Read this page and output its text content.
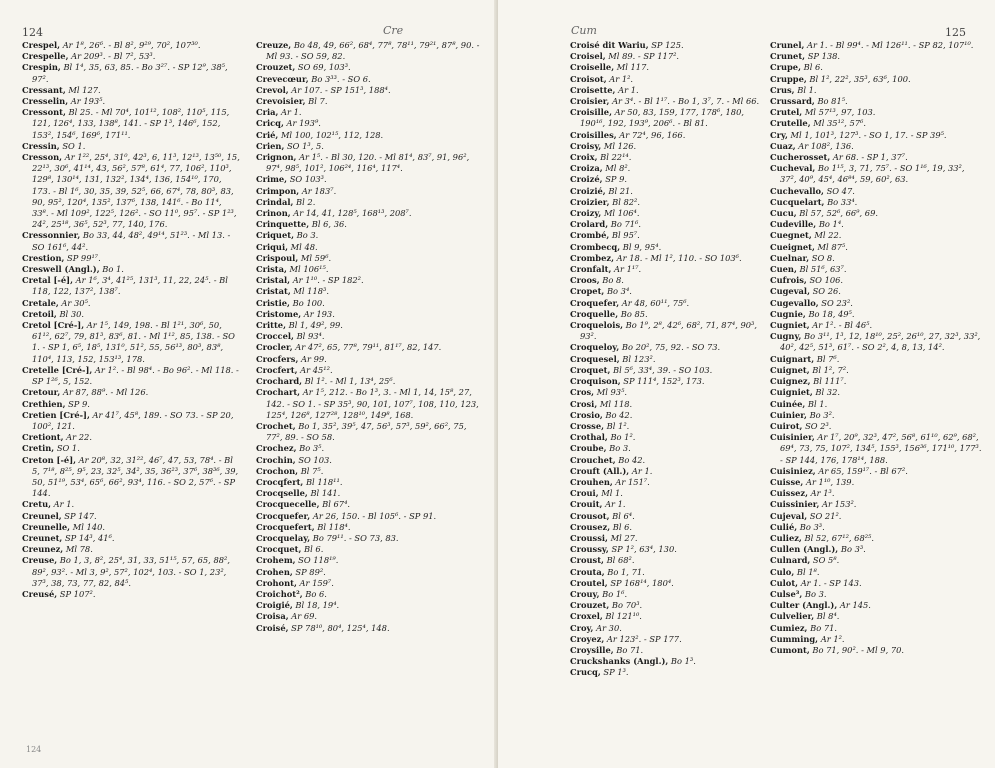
124	Cre

Crespel, Ar 1⁸, 26⁶. - Bl 8², 9²⁹, 70², 107³⁰.

Crespelle, Ar 209³. - Bl 7², 53³.

Crespin, Bl 1⁴, 35, 63, 85. - Bo 3²⁷. - SP 12⁹, 38⁵, 97².

Cressant, Ml 127.

Cresselin, Ar 193⁵.

Cressont, Bl 25. - Ml 70⁴, 101¹², 108², 110⁵, 115, 121, 126⁴, 133, 138⁸, 141. - SP 1³, 146⁶, 152, 153², 154⁶, 169⁶, 171¹¹.

Cressin, SO 1.

Cresson, Ar 1²², 25⁴, 31⁰, 42³, 6, 11³, 12¹³, 13⁵⁰, 15, 22¹³, 30⁶, 41¹⁴, 43, 56², 57⁸, 61⁴, 77, 106², 110³, 129⁸, 130¹⁴, 131, 132², 134⁴, 136, 154¹⁰, 170, 173. - Bl 1⁶, 30, 35, 39, 52⁵, 66, 67⁴, 78, 80³, 83, 90, 95², 120⁴, 135², 137⁶, 138, 141⁶. - Bo 11⁴, 33⁸. - Ml 109², 122⁵, 126². - SO 11⁰, 95⁷. - SP 1²³, 24², 25¹⁸, 36⁵, 52³, 77, 140, 176.

Cressonnier, Bo 33, 44, 48², 49¹⁴, 51²³. - Ml 13. - SO 161⁶, 44².

Crestion, SP 99¹⁷.

Creswell (Angl.), Bo 1.

Cretal [-é], Ar 1⁶, 3⁴, 41²⁵, 131³, 11, 22, 24⁵. - Bl 118, 122, 137², 138⁷.

Cretale, Ar 30⁵.

Cretoil, Bl 30.

Cretol [Cré-], Ar 1⁵, 149, 198. - Bl 1²¹, 30⁶, 50, 61¹², 62⁷, 79, 81³, 83⁶, 81. - Ml 1¹², 85, 138. - SO 1. - SP 1, 6⁵, 18⁵, 131⁰, 51², 55, 56¹³, 80³, 83⁸, 110⁴, 113, 152, 153¹³, 178.

Cretelle [Cré-], Ar 1². - Bl 98⁴. - Bo 96². - Ml 118. - SP 1²⁶, 5, 152.

Cretour, Ar 87, 88⁹. - Ml 126.

Crethien, SP 9.

Cretien [Cré-], Ar 41⁷, 45⁸, 189. - SO 73. - SP 20, 100², 121.

Cretiont, Ar 22.

Cretin, SO 1.

Creton [-é], Ar 20⁸, 32, 31²², 46⁷, 47, 53, 78⁴. - Bl 5, 7¹⁸, 8²⁵, 9⁵, 23, 32⁵, 34², 35, 36²³, 37⁶, 38³⁶, 39, 50, 51¹⁹, 53⁴, 65⁶, 66², 93⁴, 116. - SO 2, 57⁶. - SP 144.

Cretu, Ar 1.

Creunel, SP 147.

Creunelle, Ml 140.

Creunet, SP 14³, 41⁶.

Creunez, Ml 78.

Creuse, Bo 1, 3, 8², 25⁴, 31, 33, 51¹⁵, 57, 65, 88², 89², 93². - Ml 3, 9², 57², 102⁴, 103. - SO 1, 23², 37³, 38, 73, 77, 82, 84⁵.

Creusé, SP 107².

Creuze, Bo 48, 49, 66², 68⁴, 77⁸, 78¹¹, 79²¹, 87⁸, 90. - Ml 93. - SO 59, 82.

Crouzet, SO 69, 103³.

Crevecœur, Bo 3³³. - SO 6.

Crevol, Ar 107. - SP 151³, 188⁴.

Crevoisier, Bl 7.

Cria, Ar 1.

Cricq, Ar 193⁹.

Crié, Ml 100, 102¹⁵, 112, 128.

Crien, SO 1³, 5.

Crignon, Ar 1⁵. - Bl 30, 120. - Ml 81⁴, 83⁷, 91, 96², 97⁴, 98⁵, 101², 106²⁴, 116⁴, 117⁴.

Crime, SO 103³.

Crimpon, Ar 183⁷.

Crindal, Bl 2.

Crinon, Ar 14, 41, 128⁵, 168¹³, 208⁷.

Crinquette, Bl 6, 36.

Criquet, Bo 3.

Criqui, Ml 48.

Crispoul, Ml 59⁶.

Crista, Ml 106¹⁵.

Cristal, Ar 1¹⁰. - SP 182².

Cristat, Ml 118³.

Cristie, Bo 100.

Cristome, Ar 193.

Critte, Bl 1, 49², 99.

Croccel, Bl 93⁴.

Crocler, Ar 47², 65, 77⁸, 79¹¹, 81¹⁷, 82, 147.

Crocfers, Ar 99.

Crocfert, Ar 45¹².

Crochard, Bl 1². - Ml 1, 13⁴, 25⁶.

Crochart, Ar 1⁵, 212. - Bo 1³, 3. - Ml 1, 14, 15⁸, 27, 142. - SO 1. - SP 35³, 90, 101, 107⁷, 108, 110, 123, 125⁴, 126⁸, 127²⁸, 128¹⁰, 149⁸, 168.

Crochet, Bo 1, 35², 39⁵, 47, 56³, 57³, 59², 66², 75, 77², 89. - SO 58.

Crochez, Bo 3⁵.

Crochin, SO 103.

Crochon, Bl 7⁵.

Crocqfert, Bl 118¹¹.

Crocqselle, Bl 141.

Crocquecelle, Bl 67⁴.

Crocquefer, Ar 26, 150. - Bl 105⁶. - SP 91.

Crocquefert, Bl 118⁴.

Crocquelay, Bo 79¹¹. - SO 73, 83.

Crocquet, Bl 6.

Crohem, SO 118¹⁹.

Crohen, SP 89².

Crohont, Ar 159⁷.

Croichot², Bo 6.

Croigié, Bl 18, 19⁴.

Croisa, Ar 69.

Croisé, SP 78¹⁰, 80⁴, 125⁴, 148.

124
Cum	125

Croisé dit Wariu, SP 125.

Croisel, Ml 89. - SP 117².

Croiselle, Ml 117.

Croisot, Ar 1².

Croisette, Ar 1.

Croisier, Ar 3⁴. - Bl 1¹⁷. - Bo 1, 3⁷, 7. - Ml 66.

Croisille, Ar 50, 83, 159, 177, 178⁶, 180, 190¹⁶, 192, 193⁹, 206⁶. - Bl 81.

Croisilles, Ar 72⁴, 96, 166.

Croisy, Ml 126.

Croix, Bl 22¹⁴.

Croiza, Ml 8².

Croizé, SP 9.

Croizié, Bl 21.

Croizier, Bl 82².

Croizy, Ml 106⁴.

Crolard, Bo 71⁶.

Crombé, Bl 95⁷.

Crombecq, Bl 9, 95⁴.

Crombez, Ar 18. - Ml 1², 110. - SO 103⁶.

Cronfalt, Ar 1¹⁷.

Croos, Bo 8.

Cropet, Bo 3⁴.

Croquefer, Ar 48, 60¹¹, 75⁶.

Croquelle, Bo 85.

Croquelois, Bo 1⁹, 2⁸, 42⁶, 68², 71, 87⁴, 90³, 93².

Croqueloy, Bo 20², 75, 92. - SO 73.

Croquesel, Bl 123².

Croquet, Bl 5⁶, 33⁴, 39. - SO 103.

Croquison, SP 111⁴, 152³, 173.

Cros, Ml 93⁵.

Crosi, Ml 118.

Crosio, Bo 42.

Crosse, Bl 1².

Crothal, Bo 1².

Croube, Bo 3.

Crouchet, Bo 42.

Crouft (All.), Ar 1.

Crouhen, Ar 151⁷.

Croui, Ml 1.

Crouit, Ar 1.

Crousot, Bl 6⁴.

Crousez, Bl 6.

Croussi, Ml 27.

Croussy, SP 1², 63⁴, 130.

Croust, Bl 68².

Crouta, Bo 1, 71.

Croutel, SP 168¹⁴, 180⁴.

Crouy, Bo 1⁶.

Crouzet, Bo 70³.

Croxel, Bl 121¹⁰.

Croy, Ar 30.

Croyez, Ar 123². - SP 177.

Croysille, Bo 71.

Cruckshanks (Angl.), Bo 1³.

Crucq, SP 1³.

Crunel, Ar 1. - Bl 99⁴. - Ml 126¹¹. - SP 82, 107¹⁰.

Crunet, SP 138.

Crupe, Bl 6.

Cruppe, Bl 1², 22², 35³, 63⁶, 100.

Crus, Bl 1.

Crussard, Bo 81⁵.

Crutel, Ml 57¹³, 97, 103.

Crutelle, Ml 35¹², 57⁶.

Cry, Ml 1, 101³, 127³. - SO 1, 17. - SP 39⁵.

Cuaz, Ar 108², 136.

Cucherosset, Ar 68. - SP 1, 37⁷.

Cucheval, Bo 1¹⁵, 3, 71, 75⁷. - SO 1¹⁶, 19, 33², 37², 40⁹, 45⁴, 46⁸⁴, 59, 60², 63.

Cuchevallo, SO 47.

Cucquelart, Bo 33⁴.

Cucu, Bl 57, 52⁶, 66⁹, 69.

Cudeville, Bo 1⁴.

Cuegnet, Ml 22.

Cueignet, Ml 87⁵.

Cuelnar, SO 8.

Cuen, Bl 51⁶, 63⁷.

Cufrois, SO 106.

Cugeval, SO 26.

Cugevallo, SO 23².

Cugnie, Bo 18, 49⁵.

Cugniet, Ar 1². - Bl 46⁵.

Cugny, Bo 3¹¹, 1³, 12, 18¹⁰, 25², 26¹⁰, 27, 32³, 33², 40², 42⁵, 51³, 61⁷. - SO 2², 4, 8, 13, 14².

Cuignart, Bl 7⁶.

Cuignet, Bl 1², 7².

Cuignez, Bl 111⁷.

Cuigniet, Bl 32.

Cuinée, Bl 1.

Cuinier, Bo 3².

Cuirot, SO 2³.

Cuisinier, Ar 1⁷, 20⁹, 32³, 47², 56⁸, 61¹⁰, 62⁹, 68², 69⁴, 73, 75, 107², 134⁵, 155³, 156³⁶, 171¹⁰, 177³. - SP 144, 176, 178¹⁴, 188.

Cuisiniez, Ar 65, 159¹⁷. - Bl 67².

Cuisse, Ar 1¹⁰, 139.

Cuissez, Ar 1³.

Cuissinier, Ar 153².

Cujeval, SO 21².

Culié, Bo 3³.

Culiez, Bl 52, 67¹², 68²⁵.

Cullen (Angl.), Bo 3³.

Culnard, SO 5⁸.

Culo, Bl 1⁸.

Culot, Ar 1. - SP 143.

Culse³, Bo 3.

Culter (Angl.), Ar 145.

Culvelier, Bl 8⁴.

Cumiez, Bo 71.

Cumming, Ar 1².

Cumont, Bo 71, 90². - Ml 9, 70.
